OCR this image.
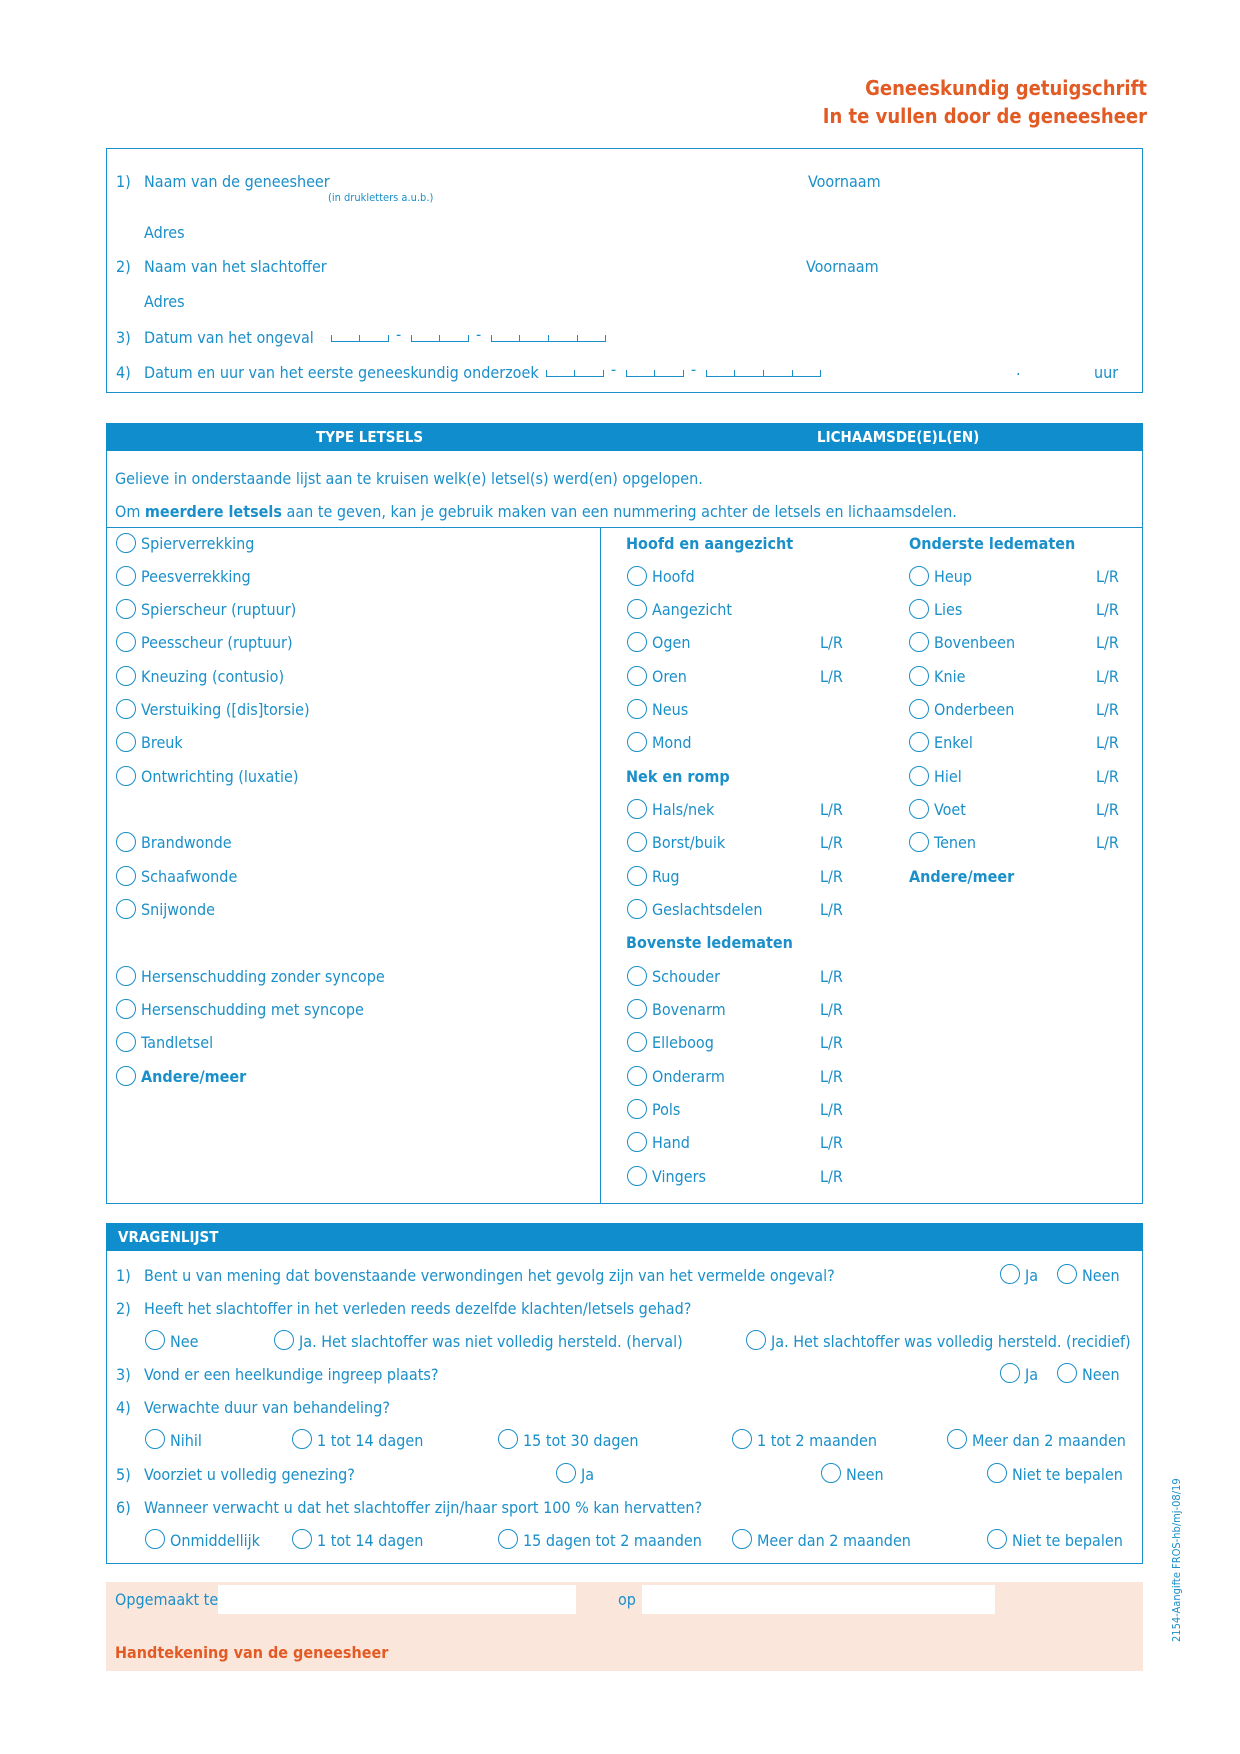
Geneeskundig getuigschrift
In te vullen door de geneesheer
1) Naam van de geneesheer
(in drukletters a.u.b.)
Voornaam
Adres
2) Naam van het slachtoffer	Voornaam
Adres
3) Datum van het ongeval	-	-
4) Datum en uur van het eerste geneeskundig onderzoek	-	-	.	uur
TYPE LETSELS	LICHAAMSDE(E)L(EN)
Gelieve in onderstaande lijst aan te kruisen welk(e) letsel(s) werd(en) opgelopen.
Om meerdere letsels aan te geven, kan je gebruik maken van een nummering achter de letsels en lichaamsdelen.
Spierverrekking
Peesverrekking
Spierscheur (ruptuur)
Peesscheur (ruptuur)
Kneuzing (contusio)
Verstuiking ([dis]torsie)
Breuk
Ontwrichting (luxatie)
Brandwonde
Schaafwonde
Snijwonde
Hersenschudding zonder syncope
Hersenschudding met syncope
Tandletsel
Andere/meer
Hoofd en aangezicht
Hoofd
Aangezicht
Ogen	L/R
Oren	L/R
Neus
Mond
Nek en romp
Hals/nek	L/R
Borst/buik	L/R
Rug	L/R
Geslachtsdelen	L/R
Bovenste ledematen
Schouder	L/R
Bovenarm	L/R
Elleboog	L/R
Onderarm	L/R
Pols	L/R
Hand	L/R
Vingers	L/R
Onderste ledematen
Heup	L/R
Lies	L/R
Bovenbeen	L/R
Knie	L/R
Onderbeen	L/R
Enkel	L/R
Hiel	L/R
Voet	L/R
Tenen	L/R
Andere/meer
VRAGENLIJST
1) Bent u van mening dat bovenstaande verwondingen het gevolg zijn van het vermelde ongeval?	Ja	Neen
2) Heeft het slachtoffer in het verleden reeds dezelfde klachten/letsels gehad?
Nee	Ja. Het slachtoffer was niet volledig hersteld. (herval)	Ja. Het slachtoffer was volledig hersteld. (recidief)
3) Vond er een heelkundige ingreep plaats?	Ja	Neen
4) Verwachte duur van behandeling?
Nihil	1 tot 14 dagen	15 tot 30 dagen	1 tot 2 maanden	Meer dan 2 maanden
5) Voorziet u volledig genezing?	Ja	Neen	Niet te bepalen
6) Wanneer verwacht u dat het slachtoffer zijn/haar sport 100 % kan hervatten?
Onmiddellijk	1 tot 14 dagen	15 dagen tot 2 maanden	Meer dan 2 maanden	Niet te bepalen
Opgemaakt te	op
Handtekening van de geneesheer
2154-Aangifte FROS-hb/mj-08/19
